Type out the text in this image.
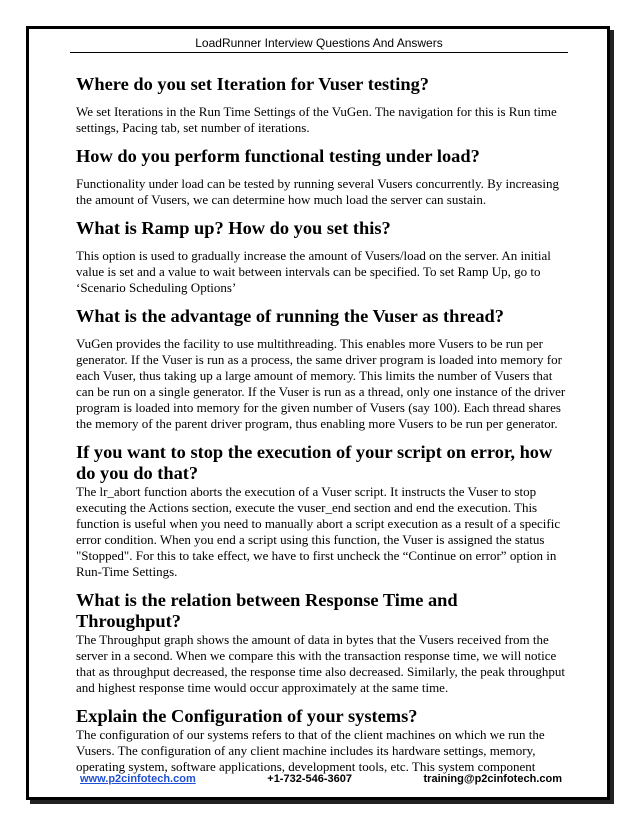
LoadRunner Interview Questions And Answers
Where do you set Iteration for Vuser testing?

We set Iterations in the Run Time Settings of the VuGen. The navigation for this is Run time settings, Pacing tab, set number of iterations.

How do you perform functional testing under load?

Functionality under load can be tested by running several Vusers concurrently. By increasing the amount of Vusers, we can determine how much load the server can sustain.

What is Ramp up? How do you set this?

This option is used to gradually increase the amount of Vusers/load on the server. An initial value is set and a value to wait between intervals can be specified. To set Ramp Up, go to ‘Scenario Scheduling Options’

What is the advantage of running the Vuser as thread?

VuGen provides the facility to use multithreading. This enables more Vusers to be run per generator. If the Vuser is run as a process, the same driver program is loaded into memory for each Vuser, thus taking up a large amount of memory. This limits the number of Vusers that can be run on a single generator. If the Vuser is run as a thread, only one instance of the driver program is loaded into memory for the given number of Vusers (say 100). Each thread shares the memory of the parent driver program, thus enabling more Vusers to be run per generator.

If you want to stop the execution of your script on error, how do you do that?

The lr_abort function aborts the execution of a Vuser script. It instructs the Vuser to stop executing the Actions section, execute the vuser_end section and end the execution. This function is useful when you need to manually abort a script execution as a result of a specific error condition. When you end a script using this function, the Vuser is assigned the status "Stopped". For this to take effect, we have to first uncheck the “Continue on error” option in Run-Time Settings.

What is the relation between Response Time and Throughput?

The Throughput graph shows the amount of data in bytes that the Vusers received from the server in a second. When we compare this with the transaction response time, we will notice that as throughput decreased, the response time also decreased. Similarly, the peak throughput and highest response time would occur approximately at the same time.

Explain the Configuration of your systems?

The configuration of our systems refers to that of the client machines on which we run the Vusers. The configuration of any client machine includes its hardware settings, memory, operating system, software applications, development tools, etc. This system component

www.p2cinfotech.com	+1-732-546-3607	training@p2cinfotech.com
